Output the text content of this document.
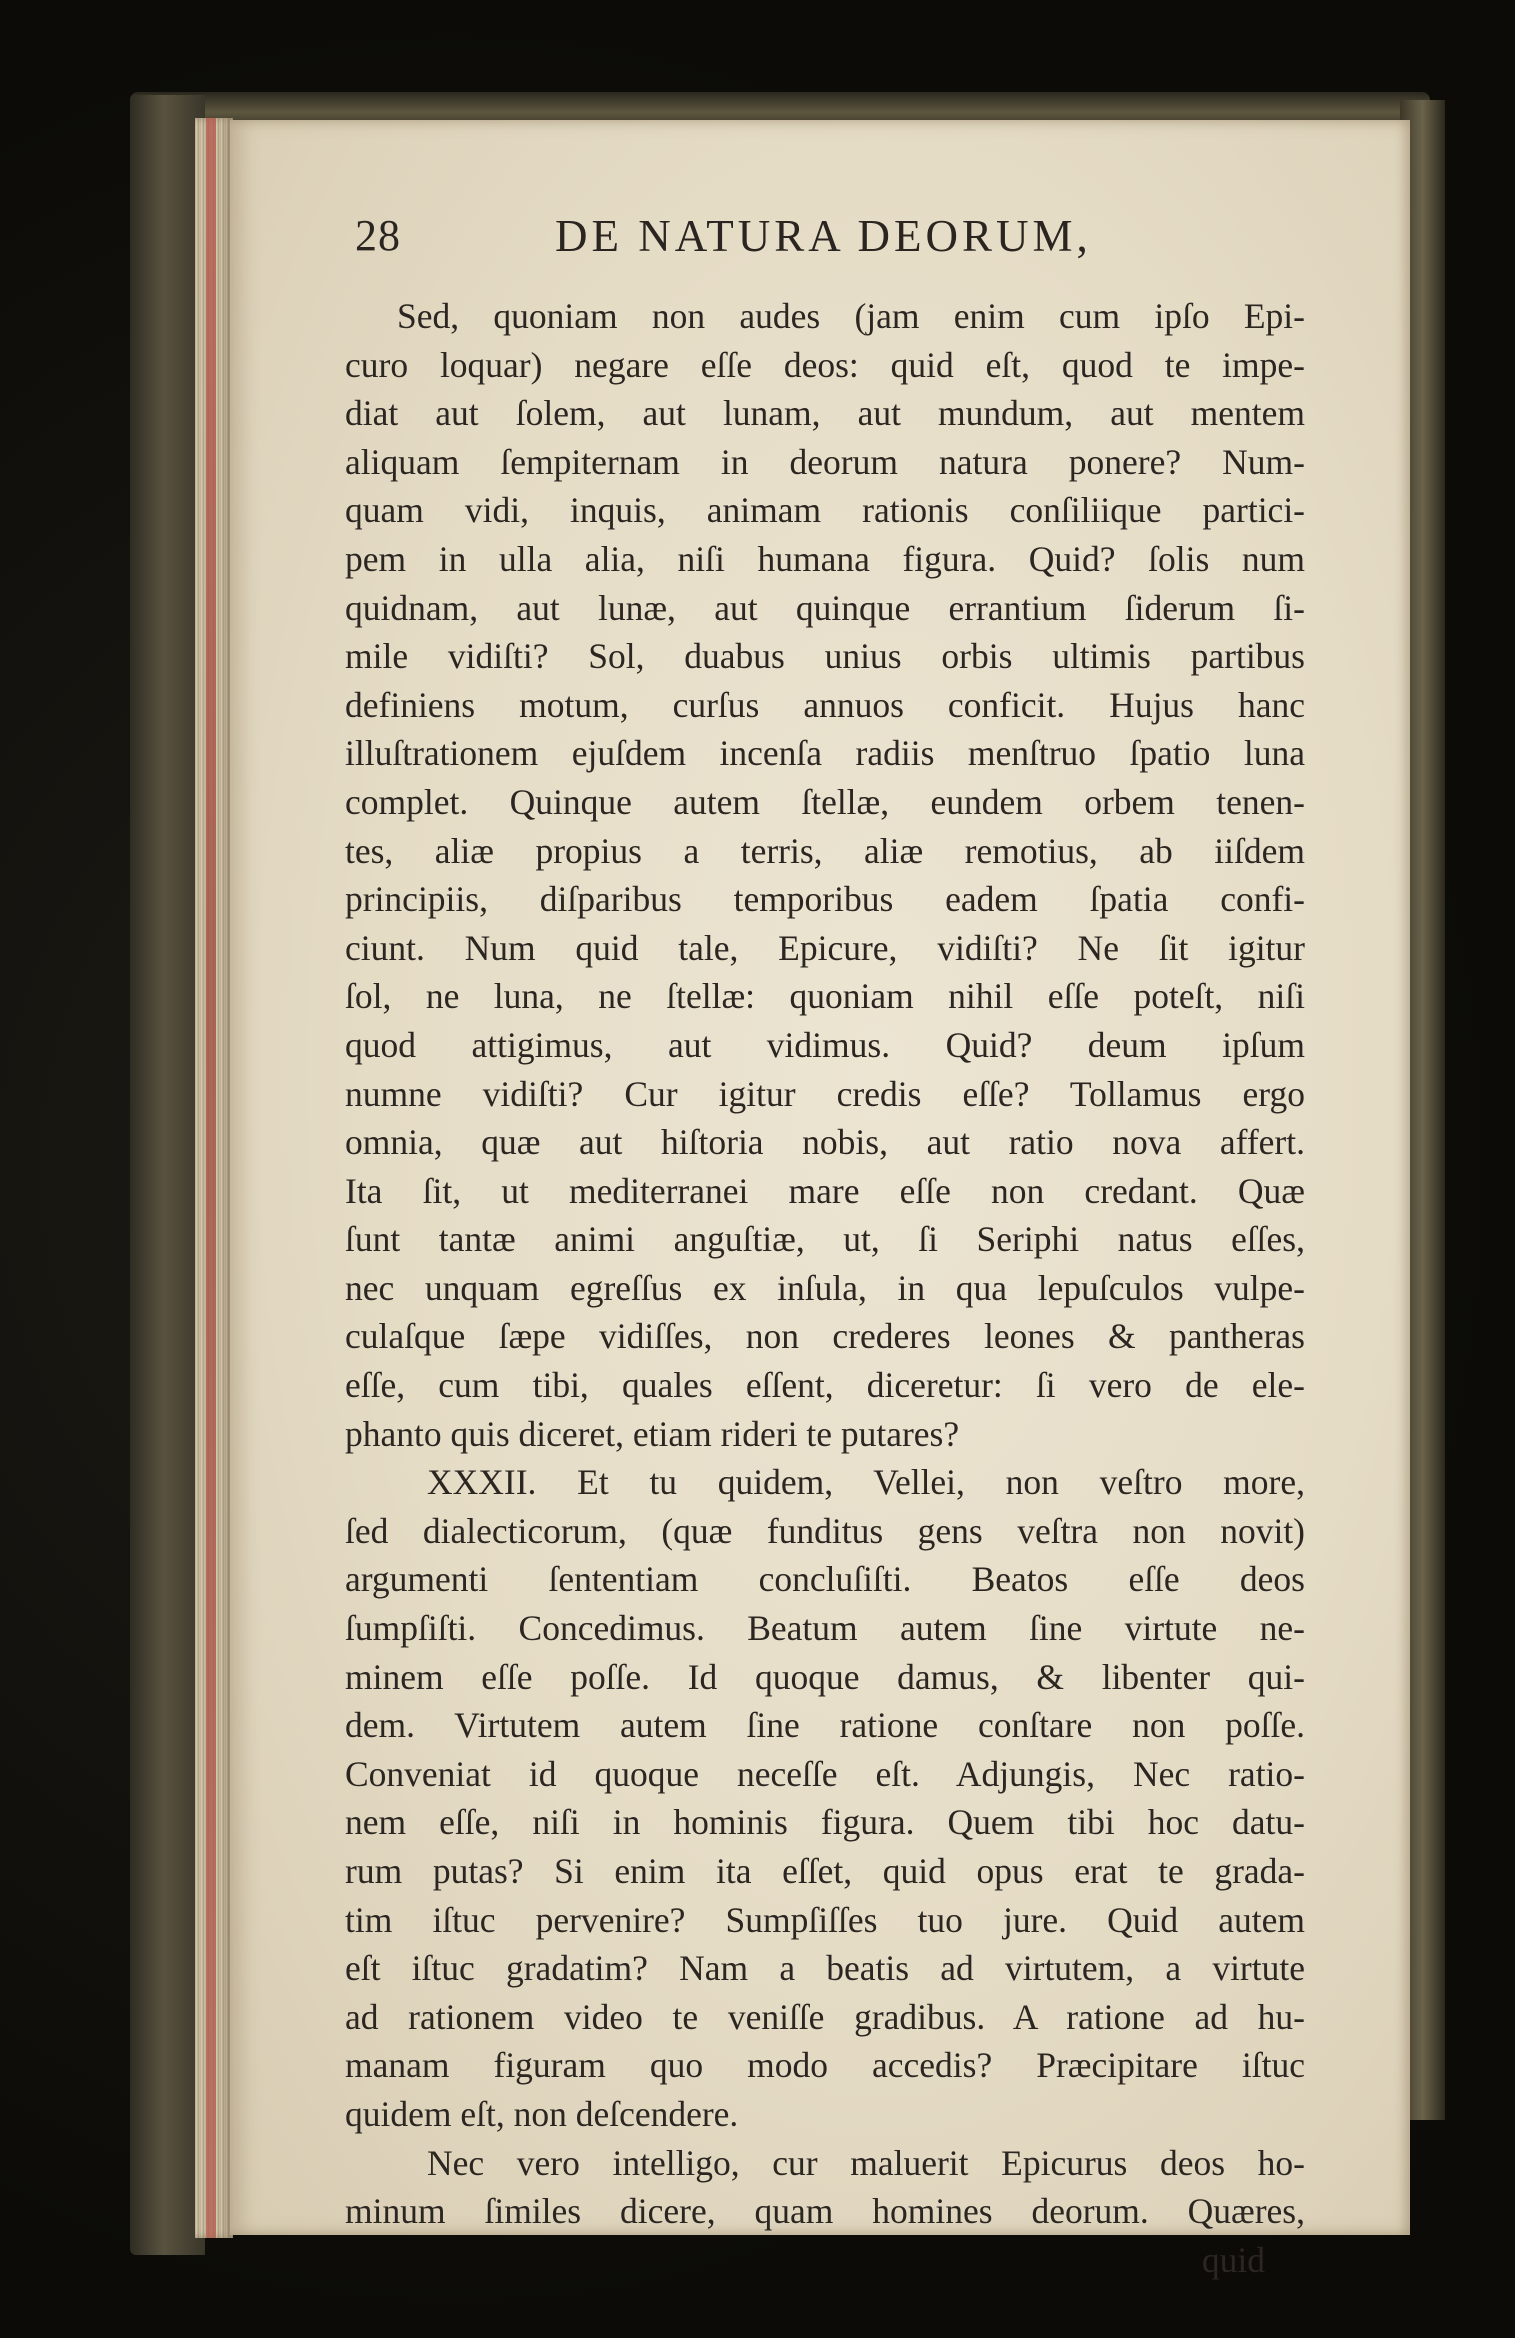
28	DE NATURA DEORUM,
Sed, quoniam non audes (jam enim cum ipſo Epi-
curo loquar) negare eſſe deos: quid eſt, quod te impe-
diat aut ſolem, aut lunam, aut mundum, aut mentem
aliquam ſempiternam in deorum natura ponere? Num-
quam vidi, inquis, animam rationis conſiliique partici-
pem in ulla alia, niſi humana figura. Quid? ſolis num
quidnam, aut lunæ, aut quinque errantium ſiderum ſi-
mile vidiſti? Sol, duabus unius orbis ultimis partibus
definiens motum, curſus annuos conficit. Hujus hanc
illuſtrationem ejuſdem incenſa radiis menſtruo ſpatio luna
complet. Quinque autem ſtellæ, eundem orbem tenen-
tes, aliæ propius a terris, aliæ remotius, ab iiſdem
principiis, diſparibus temporibus eadem ſpatia confi-
ciunt. Num quid tale, Epicure, vidiſti? Ne ſit igitur
ſol, ne luna, ne ſtellæ: quoniam nihil eſſe poteſt, niſi
quod attigimus, aut vidimus. Quid? deum ipſum
numne vidiſti? Cur igitur credis eſſe? Tollamus ergo
omnia, quæ aut hiſtoria nobis, aut ratio nova affert.
Ita ſit, ut mediterranei mare eſſe non credant. Quæ
ſunt tantæ animi anguſtiæ, ut, ſi Seriphi natus eſſes,
nec unquam egreſſus ex inſula, in qua lepuſculos vulpe-
culaſque ſæpe vidiſſes, non crederes leones & pantheras
eſſe, cum tibi, quales eſſent, diceretur: ſi vero de ele-
phanto quis diceret, etiam rideri te putares?
XXXII. Et tu quidem, Vellei, non veſtro more,
ſed dialecticorum, (quæ funditus gens veſtra non novit)
argumenti ſententiam concluſiſti. Beatos eſſe deos
ſumpſiſti. Concedimus. Beatum autem ſine virtute ne-
minem eſſe poſſe. Id quoque damus, & libenter qui-
dem. Virtutem autem ſine ratione conſtare non poſſe.
Conveniat id quoque neceſſe eſt. Adjungis, Nec ratio-
nem eſſe, niſi in hominis figura. Quem tibi hoc datu-
rum putas? Si enim ita eſſet, quid opus erat te grada-
tim iſtuc pervenire? Sumpſiſſes tuo jure. Quid autem
eſt iſtuc gradatim? Nam a beatis ad virtutem, a virtute
ad rationem video te veniſſe gradibus. A ratione ad hu-
manam figuram quo modo accedis? Præcipitare iſtuc
quidem eſt, non deſcendere.
Nec vero intelligo, cur maluerit Epicurus deos ho-
minum ſimiles dicere, quam homines deorum. Quæres,
quid
